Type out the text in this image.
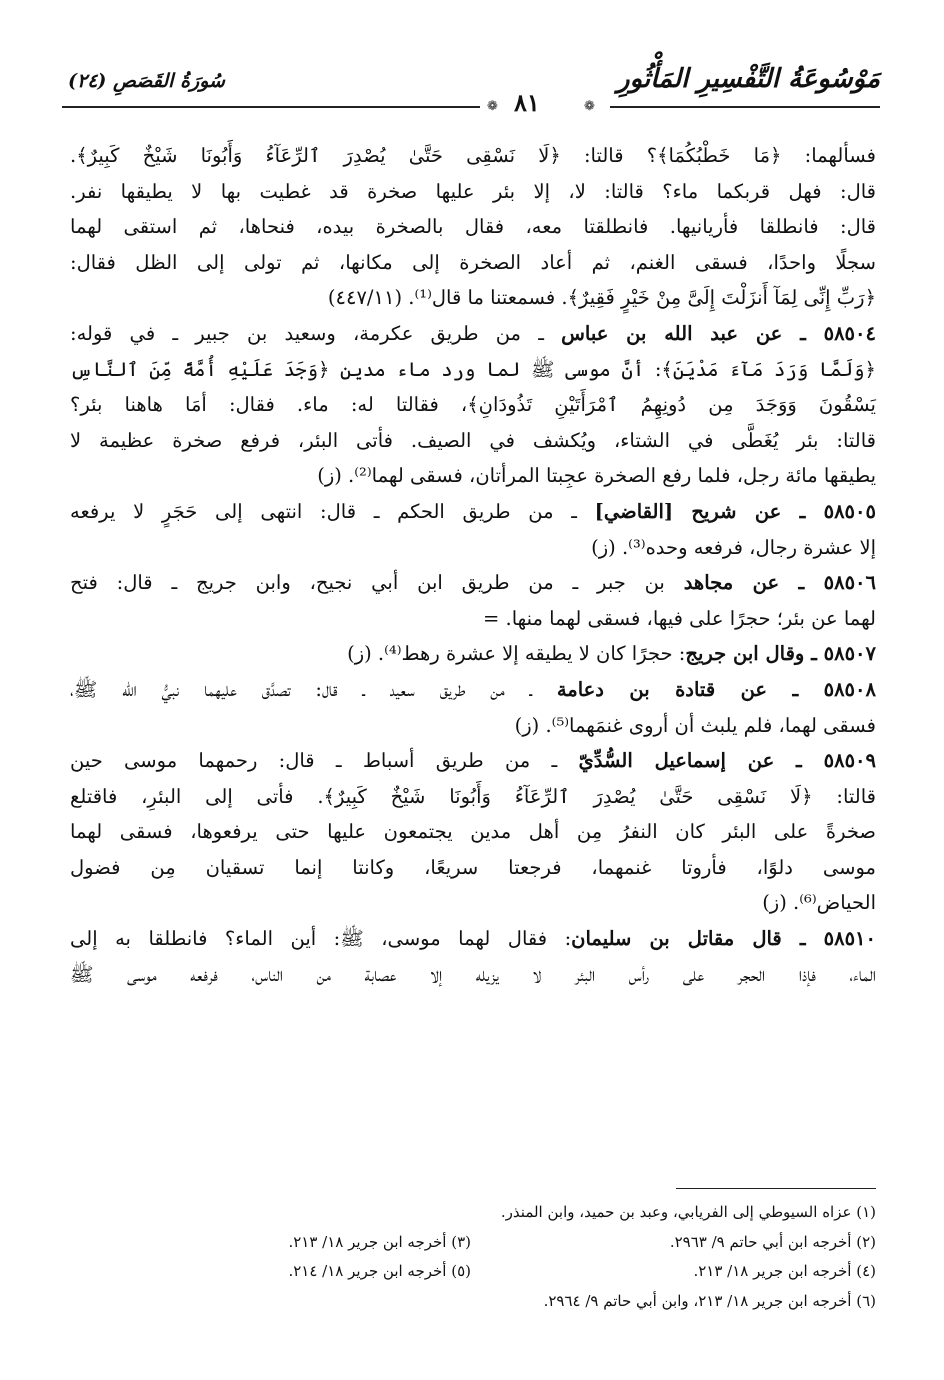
مَوْسُوعَةُ التَّفْسِيرِ المَأْثُورِ
سُورَةُ القَصَصِ (٢٤)
❁ ٨١	❁
فسألهما: ﴿مَا خَطْبُكُمَا﴾؟ قالتا: ﴿لَا نَسْقِى حَتَّىٰ يُصْدِرَ ٱلرِّعَآءُ وَأَبُونَا شَيْخٌ كَبِيرٌ﴾.
قال: فهل قربكما ماء؟ قالتا: لا، إلا بئر عليها صخرة قد غطيت بها لا يطيقها نفر.
قال: فانطلقا فأريانيها. فانطلقتا معه، فقال بالصخرة بيده، فنحاها، ثم استقى لهما
سجلًا واحدًا، فسقى الغنم، ثم أعاد الصخرة إلى مكانها، ثم تولى إلى الظل فقال:
﴿رَبِّ إِنِّى لِمَآ أَنزَلْتَ إِلَىَّ مِنْ خَيْرٍ فَقِيرٌ﴾. فسمعتنا ما قال⁽¹⁾. (٤٤٧/١١)
٥٨٥٠٤ ـ عن عبد الله بن عباس ـ من طريق عكرمة، وسعيد بن جبير ـ في قوله:
﴿وَلَمَّا وَرَدَ مَآءَ مَدْيَنَ﴾: أنَّ موسى ﷺ لما ورد ماء مدين ﴿وَجَدَ عَلَيْهِ أُمَّةً مِّنَ ٱلنَّاسِ
يَسْقُونَ وَوَجَدَ مِن دُونِهِمُ ٱمْرَأَتَيْنِ تَذُودَانِ﴾، فقالتا له: ماء. فقال: أمَا هاهنا بئر؟
قالتا: بئر يُغَطَّى في الشتاء، ويُكشف في الصيف. فأتى البئر، فرفع صخرة عظيمة لا
يطيقها مائة رجل، فلما رفع الصخرة عجِبتا المرأتان، فسقى لهما⁽²⁾. (ز)
٥٨٥٠٥ ـ عن شريح [القاضي] ـ من طريق الحكم ـ قال: انتهى إلى حَجَرٍ لا يرفعه
إلا عشرة رجال، فرفعه وحده⁽³⁾. (ز)
٥٨٥٠٦ ـ عن مجاهد بن جبر ـ من طريق ابن أبي نجيح، وابن جريج ـ قال: فتح
لهما عن بئر؛ حجرًا على فيها، فسقى لهما منها. =
٥٨٥٠٧ ـ وقال ابن جريج: حجرًا كان لا يطيقه إلا عشرة رهط⁽⁴⁾. (ز)
٥٨٥٠٨ ـ عن قتادة بن دعامة ـ من طريق سعيد ـ قال: تصدَّق عليهما نبيُّ الله ﷺ،
فسقى لهما، فلم يلبث أن أروى غنمَهما⁽⁵⁾. (ز)
٥٨٥٠٩ ـ عن إسماعيل السُّدِّيّ ـ من طريق أسباط ـ قال: رحمهما موسى حين
قالتا: ﴿لَا نَسْقِى حَتَّىٰ يُصْدِرَ ٱلرِّعَآءُ وَأَبُونَا شَيْخٌ كَبِيرٌ﴾. فأتى إلى البئرِ، فاقتلع
صخرةً على البئر كان النفرُ مِن أهل مدين يجتمعون عليها حتى يرفعوها، فسقى لهما
موسى دلوًا، فأروتا غنمهما، فرجعتا سريعًا، وكانتا إنما تسقيان مِن فضول
الحياض⁽⁶⁾. (ز)
٥٨٥١٠ ـ قال مقاتل بن سليمان: فقال لهما موسى، ﷺ: أين الماء؟ فانطلقا به إلى
الماء، فإذا الحجر على رأس البئر لا يزيله إلا عصابة من الناس، فرفعه موسى ﷺ
(١) عزاه السيوطي إلى الفريابي، وعبد بن حميد، وابن المنذر.
(٢) أخرجه ابن أبي حاتم ٩/ ٢٩٦٣.
(٣) أخرجه ابن جرير ١٨/ ٢١٣.
(٤) أخرجه ابن جرير ١٨/ ٢١٣.
(٥) أخرجه ابن جرير ١٨/ ٢١٤.
(٦) أخرجه ابن جرير ١٨/ ٢١٣، وابن أبي حاتم ٩/ ٢٩٦٤.
